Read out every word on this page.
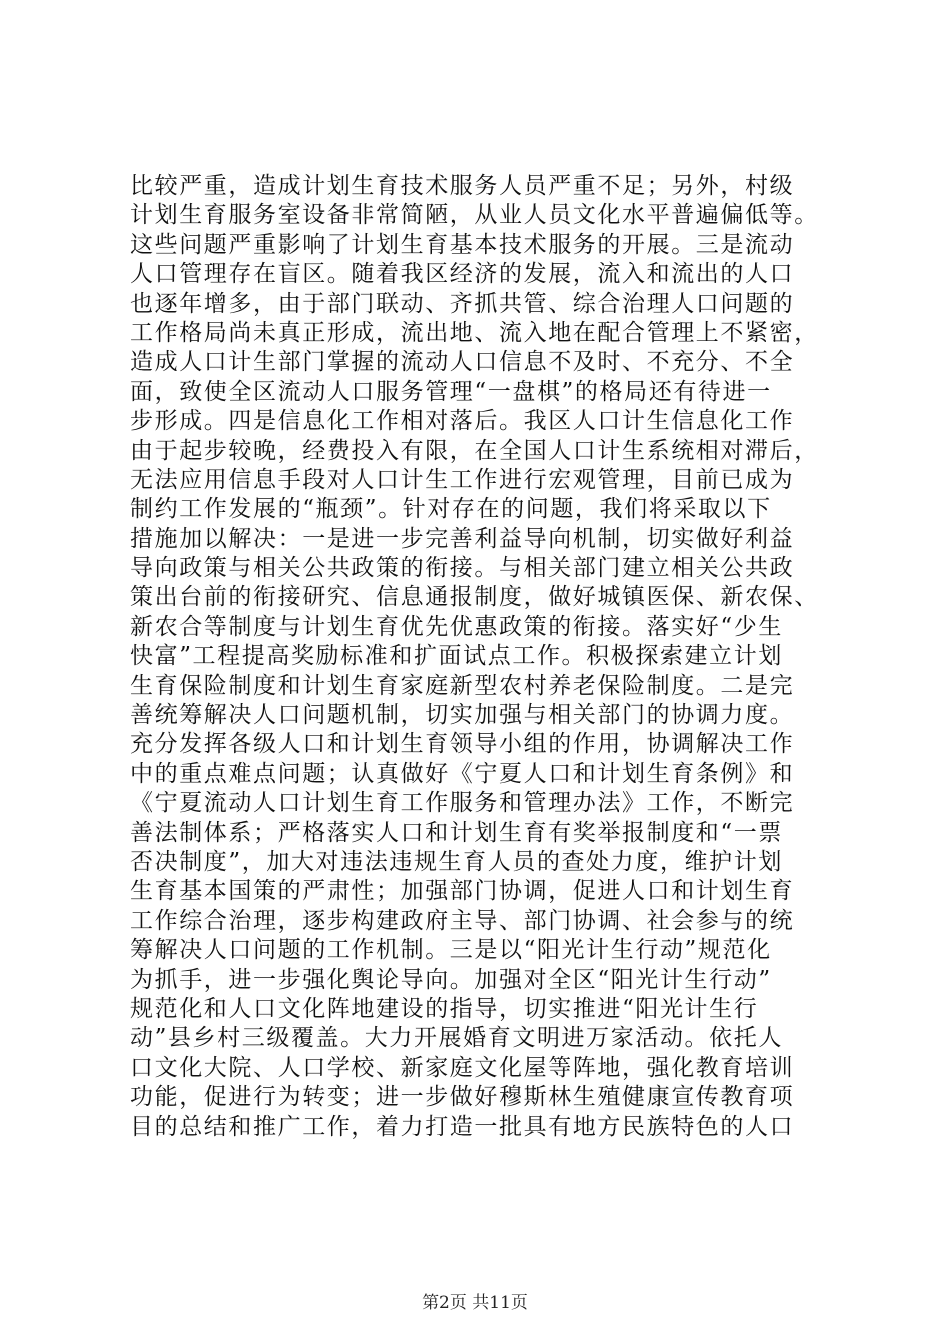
比较严重，造成计划生育技术服务人员严重不足；另外，村级
计划生育服务室设备非常简陋，从业人员文化水平普遍偏低等。
这些问题严重影响了计划生育基本技术服务的开展。三是流动
人口管理存在盲区。随着我区经济的发展，流入和流出的人口
也逐年增多，由于部门联动、齐抓共管、综合治理人口问题的
工作格局尚未真正形成，流出地、流入地在配合管理上不紧密，
造成人口计生部门掌握的流动人口信息不及时、不充分、不全
面，致使全区流动人口服务管理“一盘棋”的格局还有待进一
步形成。四是信息化工作相对落后。我区人口计生信息化工作
由于起步较晚，经费投入有限，在全国人口计生系统相对滞后，
无法应用信息手段对人口计生工作进行宏观管理，目前已成为
制约工作发展的“瓶颈”。针对存在的问题，我们将采取以下
措施加以解决：一是进一步完善利益导向机制，切实做好利益
导向政策与相关公共政策的衔接。与相关部门建立相关公共政
策出台前的衔接研究、信息通报制度，做好城镇医保、新农保、
新农合等制度与计划生育优先优惠政策的衔接。落实好“少生
快富”工程提高奖励标准和扩面试点工作。积极探索建立计划
生育保险制度和计划生育家庭新型农村养老保险制度。二是完
善统筹解决人口问题机制，切实加强与相关部门的协调力度。
充分发挥各级人口和计划生育领导小组的作用，协调解决工作
中的重点难点问题；认真做好《宁夏人口和计划生育条例》和
《宁夏流动人口计划生育工作服务和管理办法》工作，不断完
善法制体系；严格落实人口和计划生育有奖举报制度和“一票
否决制度”，加大对违法违规生育人员的查处力度，维护计划
生育基本国策的严肃性；加强部门协调，促进人口和计划生育
工作综合治理，逐步构建政府主导、部门协调、社会参与的统
筹解决人口问题的工作机制。三是以“阳光计生行动”规范化
为抓手，进一步强化舆论导向。加强对全区“阳光计生行动”
规范化和人口文化阵地建设的指导，切实推进“阳光计生行
动”县乡村三级覆盖。大力开展婚育文明进万家活动。依托人
口文化大院、人口学校、新家庭文化屋等阵地，强化教育培训
功能，促进行为转变；进一步做好穆斯林生殖健康宣传教育项
目的总结和推广工作，着力打造一批具有地方民族特色的人口
第2页 共11页
